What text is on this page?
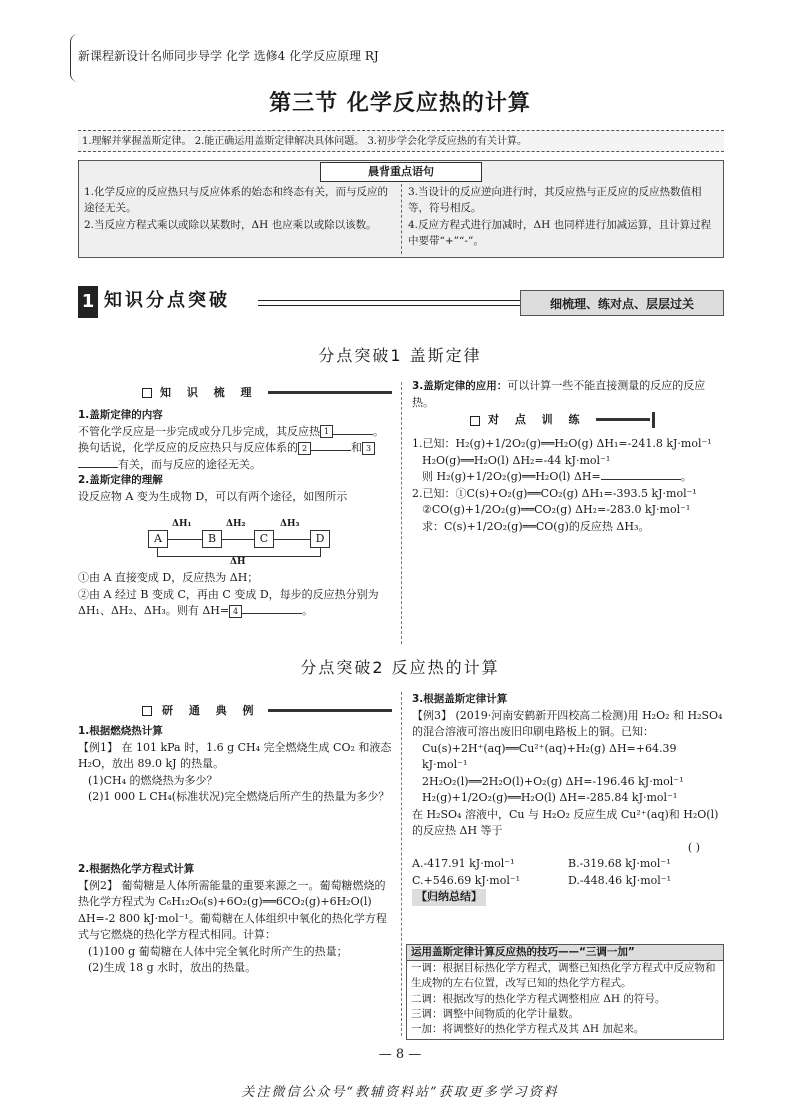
新课程新设计名师同步导学 化学 选修4 化学反应原理 RJ
第三节 化学反应热的计算
1.理解并掌握盖斯定律。 2.能正确运用盖斯定律解决具体问题。 3.初步学会化学反应热的有关计算。
晨背重点语句
1.化学反应的反应热只与反应体系的始态和终态有关，而与反应的途径无关。
2.当反应方程式乘以或除以某数时，ΔH 也应乘以或除以该数。
3.当设计的反应逆向进行时，其反应热与正反应的反应热数值相等，符号相反。
4.反应方程式进行加减时，ΔH 也同样进行加减运算，且计算过程中要带“+”“-”。
1 知识分点突破	细梳理、练对点、层层过关
分点突破1 盖斯定律
知 识 梳 理
1.盖斯定律的内容
不管化学反应是一步完成或分几步完成，其反应热 1	。换句话说，化学反应的反应热只与反应体系的 2	和 3有关，而与反应的途径无关。
2.盖斯定律的理解
设反应物 A 变为生成物 D，可以有两个途径，如图所示
A	B	C	D
ΔH₁	ΔH₂	ΔH₃
ΔH
①由 A 直接变成 D，反应热为 ΔH；
②由 A 经过 B 变成 C，再由 C 变成 D，每步的反应热分别为 ΔH₁、ΔH₂、ΔH₃。则有 ΔH= 4	。
3.盖斯定律的应用：可以计算一些不能直接测量的反应的反应热。
对 点 训 练
1.已知：H₂(g)+1/2O₂(g)══H₂O(g) ΔH₁=-241.8 kJ·mol⁻¹
H₂O(g)══H₂O(l) ΔH₂=-44 kJ·mol⁻¹
则 H₂(g)+1/2O₂(g)══H₂O(l) ΔH=	。
2.已知：①C(s)+O₂(g)══CO₂(g) ΔH₁=-393.5 kJ·mol⁻¹
②CO(g)+1/2O₂(g)══CO₂(g) ΔH₂=-283.0 kJ·mol⁻¹
求：C(s)+1/2O₂(g)══CO(g)的反应热 ΔH₃。
分点突破2 反应热的计算
研 通 典 例
1.根据燃烧热计算
【例1】 在 101 kPa 时，1.6 g CH₄ 完全燃烧生成 CO₂ 和液态 H₂O，放出 89.0 kJ 的热量。
(1)CH₄ 的燃烧热为多少？
(2)1 000 L CH₄(标准状况)完全燃烧后所产生的热量为多少？
2.根据热化学方程式计算
【例2】 葡萄糖是人体所需能量的重要来源之一。葡萄糖燃烧的热化学方程式为 C₆H₁₂O₆(s)+6O₂(g)══6CO₂(g)+6H₂O(l) ΔH=-2 800 kJ·mol⁻¹。葡萄糖在人体组织中氧化的热化学方程式与它燃烧的热化学方程式相同。计算：
(1)100 g 葡萄糖在人体中完全氧化时所产生的热量；
(2)生成 18 g 水时，放出的热量。
3.根据盖斯定律计算
【例3】 (2019·河南安鹤新开四校高二检测)用 H₂O₂ 和 H₂SO₄ 的混合溶液可溶出废旧印刷电路板上的铜。已知：
Cu(s)+2H⁺(aq)══Cu²⁺(aq)+H₂(g) ΔH=+64.39 kJ·mol⁻¹
2H₂O₂(l)══2H₂O(l)+O₂(g) ΔH=-196.46 kJ·mol⁻¹
H₂(g)+1/2O₂(g)══H₂O(l) ΔH=-285.84 kJ·mol⁻¹
在 H₂SO₄ 溶液中，Cu 与 H₂O₂ 反应生成 Cu²⁺(aq)和 H₂O(l)的反应热 ΔH 等于
( )
A.-417.91 kJ·mol⁻¹	B.-319.68 kJ·mol⁻¹
C.+546.69 kJ·mol⁻¹	D.-448.46 kJ·mol⁻¹
【归纳总结】
运用盖斯定律计算反应热的技巧——“三调一加”
一调：根据目标热化学方程式，调整已知热化学方程式中反应物和生成物的左右位置，改写已知的热化学方程式。
二调：根据改写的热化学方程式调整相应 ΔH 的符号。
三调：调整中间物质的化学计量数。
一加：将调整好的热化学方程式及其 ΔH 加起来。
— 8 —
关注微信公众号“教辅资料站”获取更多学习资料
